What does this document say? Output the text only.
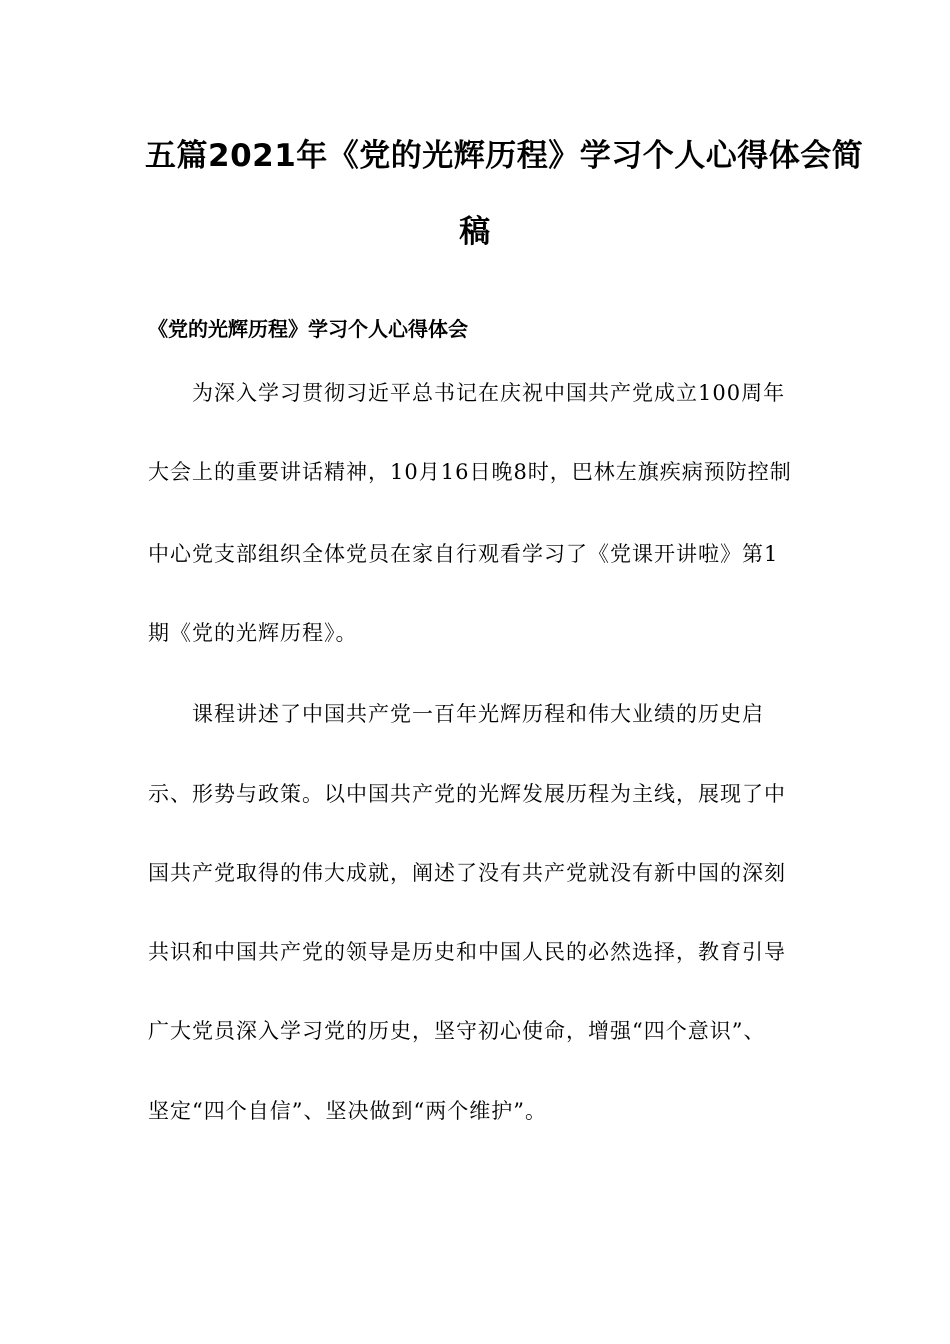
五篇2021年《党的光辉历程》学习个人心得体会简
稿
《党的光辉历程》学习个人心得体会
　　为深入学习贯彻习近平总书记在庆祝中国共产党成立100周年
大会上的重要讲话精神，10月16日晚8时，巴林左旗疾病预防控制
中心党支部组织全体党员在家自行观看学习了《党课开讲啦》第1
期《党的光辉历程》。
　　课程讲述了中国共产党一百年光辉历程和伟大业绩的历史启
示、形势与政策。以中国共产党的光辉发展历程为主线，展现了中
国共产党取得的伟大成就，阐述了没有共产党就没有新中国的深刻
共识和中国共产党的领导是历史和中国人民的必然选择，教育引导
广大党员深入学习党的历史，坚守初心使命，增强“四个意识”、
坚定“四个自信”、坚决做到“两个维护”。
